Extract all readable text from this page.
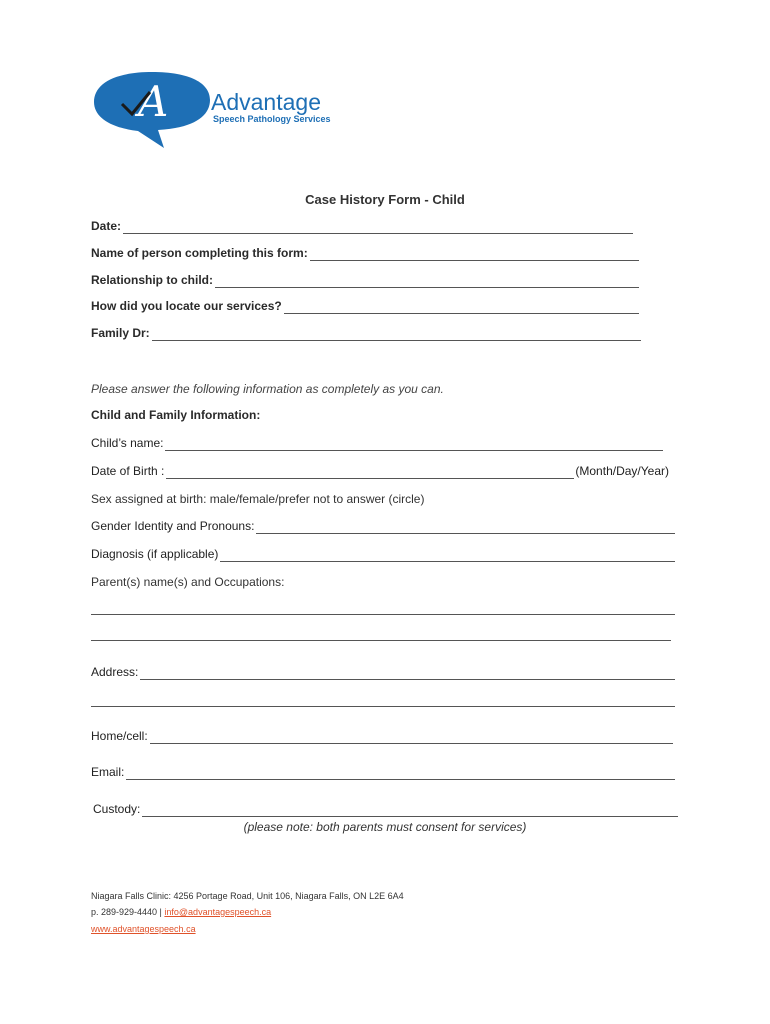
A Advantage
Speech Pathology Services
Case History Form - Child
Date:
Name of person completing this form:
Relationship to child:
How did you locate our services?
Family Dr:
Please answer the following information as completely as you can.
Child and Family Information:
Child’s name:
Date of Birth :	(Month/Day/Year)
Sex assigned at birth: male/female/prefer not to answer (circle)
Gender Identity and Pronouns:
Diagnosis (if applicable)
Parent(s) name(s) and Occupations:
Address:
Home/cell:
Email:
Custody:
(please note: both parents must consent for services)
Niagara Falls Clinic: 4256 Portage Road, Unit 106, Niagara Falls, ON L2E 6A4
p. 289-929-4440 | info@advantagespeech.ca
www.advantagespeech.ca
